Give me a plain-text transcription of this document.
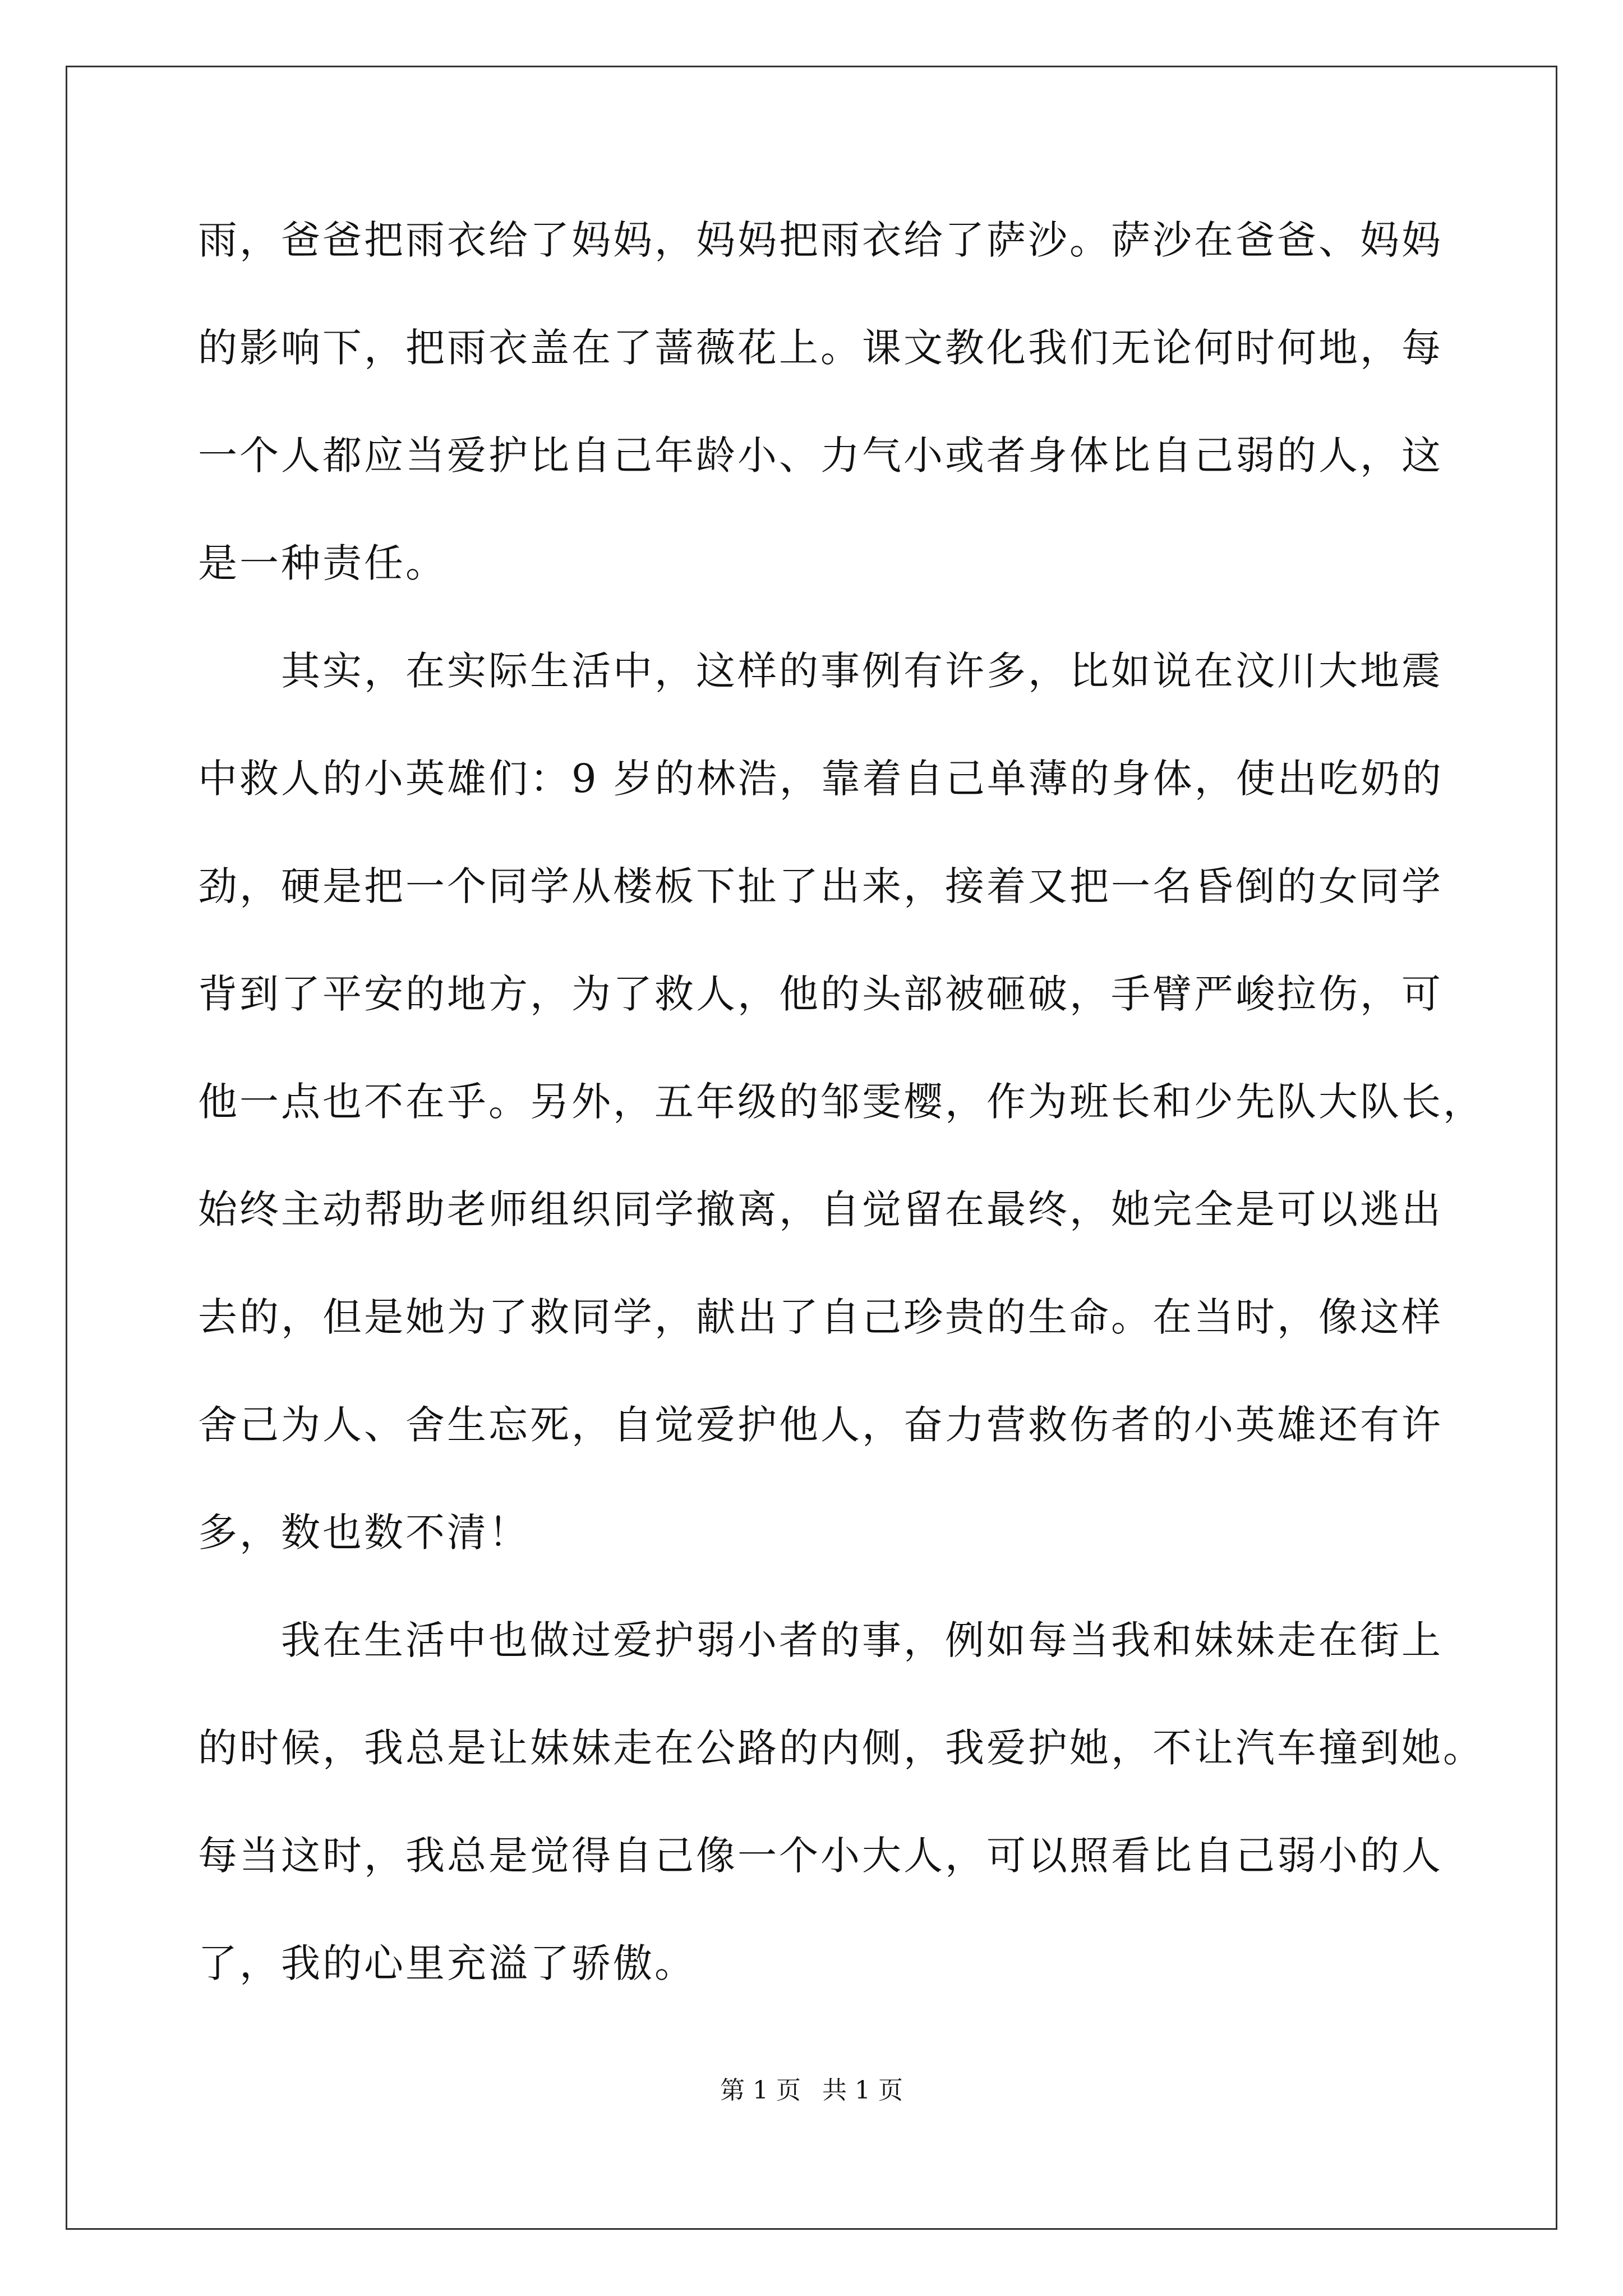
雨，爸爸把雨衣给了妈妈，妈妈把雨衣给了萨沙。萨沙在爸爸、妈妈
的影响下，把雨衣盖在了蔷薇花上。课文教化我们无论何时何地，每
一个人都应当爱护比自己年龄小、力气小或者身体比自己弱的人，这
是一种责任。
　　其实，在实际生活中，这样的事例有许多，比如说在汶川大地震
中救人的小英雄们：9 岁的林浩，靠着自己单薄的身体，使出吃奶的
劲，硬是把一个同学从楼板下扯了出来，接着又把一名昏倒的女同学
背到了平安的地方，为了救人，他的头部被砸破，手臂严峻拉伤，可
他一点也不在乎。另外，五年级的邹雯樱，作为班长和少先队大队长，
始终主动帮助老师组织同学撤离，自觉留在最终，她完全是可以逃出
去的，但是她为了救同学，献出了自己珍贵的生命。在当时，像这样
舍己为人、舍生忘死，自觉爱护他人，奋力营救伤者的小英雄还有许
多，数也数不清！
　　我在生活中也做过爱护弱小者的事，例如每当我和妹妹走在街上
的时候，我总是让妹妹走在公路的内侧，我爱护她，不让汽车撞到她。
每当这时，我总是觉得自己像一个小大人，可以照看比自己弱小的人
了，我的心里充溢了骄傲。
第 1 页 共 1 页
